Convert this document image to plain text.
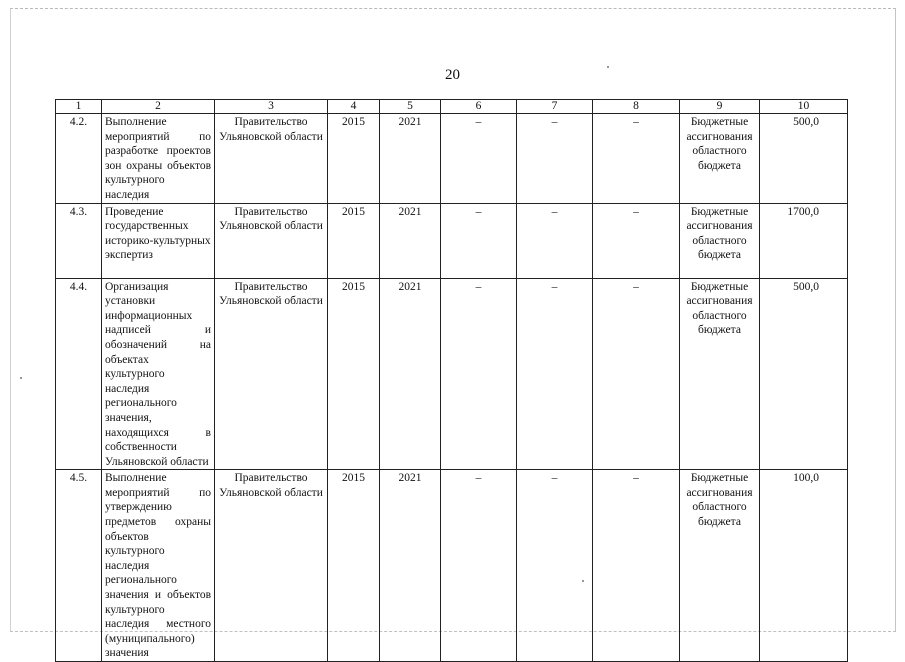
20
1	2	3	4	5	6	7	8	9	10
4.2.	Выполнение мероприятий по разработке проектов зон охраны объектов культурного наследия	Правительство Ульяновской области	2015	2021	–	–	–	Бюджетные ассигнования областного бюджета	500,0
4.3.	Проведение государственных историко-культурных экспертиз	Правительство Ульяновской области	2015	2021	–	–	–	Бюджетные ассигнования областного бюджета	1700,0
4.4.	Организация установки информационных надписей и обозначений на объектах культурного наследия регионального значения, находящихся в собственности Ульяновской области	Правительство Ульяновской области	2015	2021	–	–	–	Бюджетные ассигнования областного бюджета	500,0
4.5.	Выполнение мероприятий по утверждению предметов охраны объектов культурного наследия регионального значения и объектов культурного наследия местного (муниципального) значения	Правительство Ульяновской области	2015	2021	–	–	–	Бюджетные ассигнования областного бюджета	100,0
